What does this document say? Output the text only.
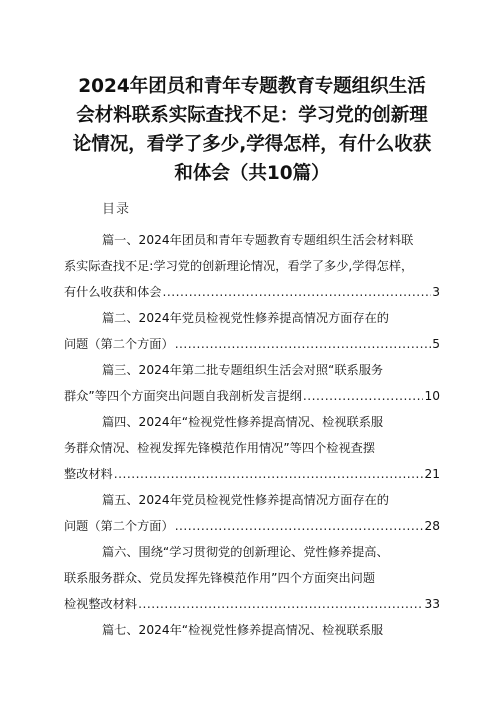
2024年团员和青年专题教育专题组织生活
会材料联系实际查找不足：学习党的创新理
论情况，看学了多少,学得怎样，有什么收获
和体会（共10篇）
目录
篇一、2024年团员和青年专题教育专题组织生活会材料联
系实际查找不足:学习党的创新理论情况，看学了多少,学得怎样，
有什么收获和体会 .....	3
篇二、2024年党员检视党性修养提高情况方面存在的
问题（第二个方面） .....	5
篇三、2024年第二批专题组织生活会对照“联系服务
群众”等四个方面突出问题自我剖析发言提纲 .....	10
篇四、2024年“检视党性修养提高情况、检视联系服
务群众情况、检视发挥先锋模范作用情况”等四个检视查摆
整改材料 .....	21
篇五、2024年党员检视党性修养提高情况方面存在的
问题（第二个方面） .....	28
篇六、围绕“学习贯彻党的创新理论、党性修养提高、
联系服务群众、党员发挥先锋模范作用”四个方面突出问题
检视整改材料 .....	33
篇七、2024年“检视党性修养提高情况、检视联系服
